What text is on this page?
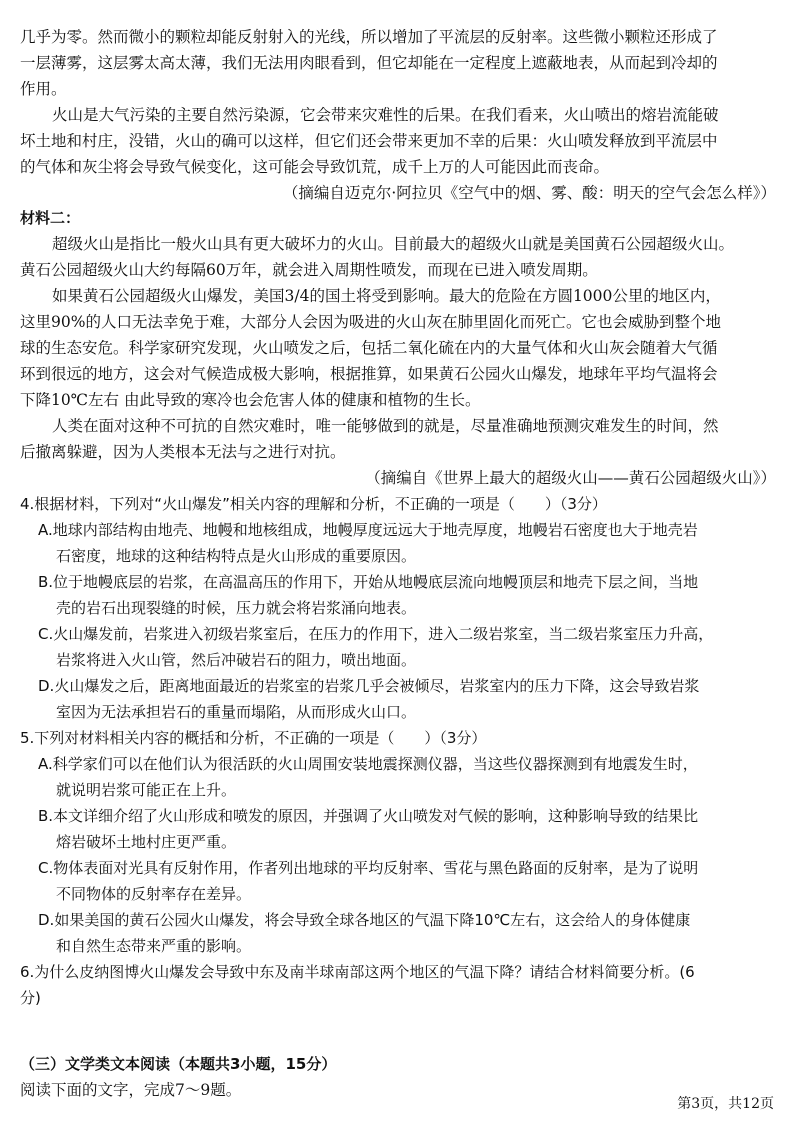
几乎为零。然而微小的颗粒却能反射射入的光线，所以增加了平流层的反射率。这些微小颗粒还形成了
一层薄雾，这层雾太高太薄，我们无法用肉眼看到，但它却能在一定程度上遮蔽地表，从而起到冷却的
作用。
火山是大气污染的主要自然污染源，它会带来灾难性的后果。在我们看来，火山喷出的熔岩流能破
坏土地和村庄，没错，火山的确可以这样，但它们还会带来更加不幸的后果：火山喷发释放到平流层中
的气体和灰尘将会导致气候变化，这可能会导致饥荒，成千上万的人可能因此而丧命。
（摘编自迈克尔·阿拉贝《空气中的烟、雾、酸：明天的空气会怎么样》）
材料二：
超级火山是指比一般火山具有更大破坏力的火山。目前最大的超级火山就是美国黄石公园超级火山。
黄石公园超级火山大约每隔60万年，就会进入周期性喷发，而现在已进入喷发周期。
如果黄石公园超级火山爆发，美国3/4的国土将受到影响。最大的危险在方圆1000公里的地区内，
这里90%的人口无法幸免于难，大部分人会因为吸进的火山灰在肺里固化而死亡。它也会威胁到整个地
球的生态安危。科学家研究发现，火山喷发之后，包括二氧化硫在内的大量气体和火山灰会随着大气循
环到很远的地方，这会对气候造成极大影响，根据推算，如果黄石公园火山爆发，地球年平均气温将会
下降10℃左右 由此导致的寒冷也会危害人体的健康和植物的生长。
人类在面对这种不可抗的自然灾难时，唯一能够做到的就是，尽量准确地预测灾难发生的时间，然
后撤离躲避，因为人类根本无法与之进行对抗。
（摘编自《世界上最大的超级火山——黄石公园超级火山》）
4.根据材料，下列对“火山爆发”相关内容的理解和分析，不正确的一项是（　　）（3分）
A.地球内部结构由地壳、地幔和地核组成，地幔厚度远远大于地壳厚度，地幔岩石密度也大于地壳岩
石密度，地球的这种结构特点是火山形成的重要原因。
B.位于地幔底层的岩浆，在高温高压的作用下，开始从地幔底层流向地幔顶层和地壳下层之间，当地
壳的岩石出现裂缝的时候，压力就会将岩浆涌向地表。
C.火山爆发前，岩浆进入初级岩浆室后，在压力的作用下，进入二级岩浆室，当二级岩浆室压力升高，
岩浆将进入火山管，然后冲破岩石的阻力，喷出地面。
D.火山爆发之后，距离地面最近的岩浆室的岩浆几乎会被倾尽，岩浆室内的压力下降，这会导致岩浆
室因为无法承担岩石的重量而塌陷，从而形成火山口。
5.下列对材料相关内容的概括和分析，不正确的一项是（　　）（3分）
A.科学家们可以在他们认为很活跃的火山周围安装地震探测仪器，当这些仪器探测到有地震发生时，
就说明岩浆可能正在上升。
B.本文详细介绍了火山形成和喷发的原因，并强调了火山喷发对气候的影响，这种影响导致的结果比
熔岩破坏土地村庄更严重。
C.物体表面对光具有反射作用，作者列出地球的平均反射率、雪花与黑色路面的反射率，是为了说明
不同物体的反射率存在差异。
D.如果美国的黄石公园火山爆发，将会导致全球各地区的气温下降10℃左右，这会给人的身体健康
和自然生态带来严重的影响。
6.为什么皮纳图博火山爆发会导致中东及南半球南部这两个地区的气温下降？请结合材料简要分析。(6
分)
（三）文学类文本阅读（本题共3小题，15分）
阅读下面的文字，完成7～9题。
第3页，共12页
